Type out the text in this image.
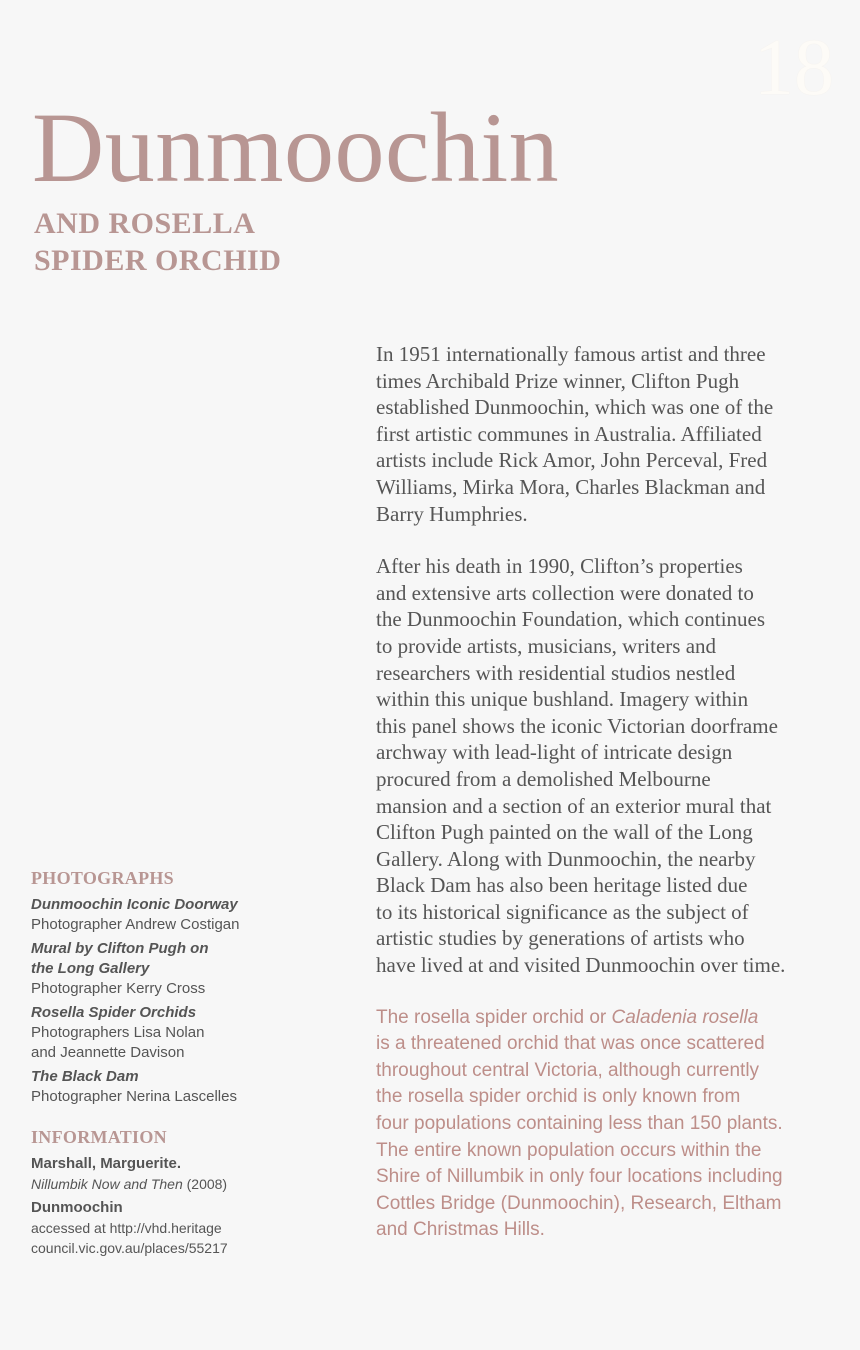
18
Dunmoochin
AND ROSELLA
SPIDER ORCHID

In 1951 internationally famous artist and three
times Archibald Prize winner, Clifton Pugh
established Dunmoochin, which was one of the
first artistic communes in Australia. Affiliated
artists include Rick Amor, John Perceval, Fred
Williams, Mirka Mora, Charles Blackman and
Barry Humphries.

After his death in 1990, Clifton’s properties
and extensive arts collection were donated to
the Dunmoochin Foundation, which continues
to provide artists, musicians, writers and
researchers with residential studios nestled
within this unique bushland. Imagery within
this panel shows the iconic Victorian doorframe
archway with lead-light of intricate design
procured from a demolished Melbourne
mansion and a section of an exterior mural that
Clifton Pugh painted on the wall of the Long
Gallery. Along with Dunmoochin, the nearby
Black Dam has also been heritage listed due
to its historical significance as the subject of
artistic studies by generations of artists who
have lived at and visited Dunmoochin over time.

The rosella spider orchid or Caladenia rosella
is a threatened orchid that was once scattered
throughout central Victoria, although currently
the rosella spider orchid is only known from
four populations containing less than 150 plants.
The entire known population occurs within the
Shire of Nillumbik in only four locations including
Cottles Bridge (Dunmoochin), Research, Eltham
and Christmas Hills.

PHOTOGRAPHS
Dunmoochin Iconic Doorway
Photographer Andrew Costigan
Mural by Clifton Pugh on
the Long Gallery
Photographer Kerry Cross
Rosella Spider Orchids
Photographers Lisa Nolan
and Jeannette Davison
The Black Dam
Photographer Nerina Lascelles
INFORMATION
Marshall, Marguerite.
Nillumbik Now and Then (2008)
Dunmoochin
accessed at http://vhd.heritage
council.vic.gov.au/places/55217
